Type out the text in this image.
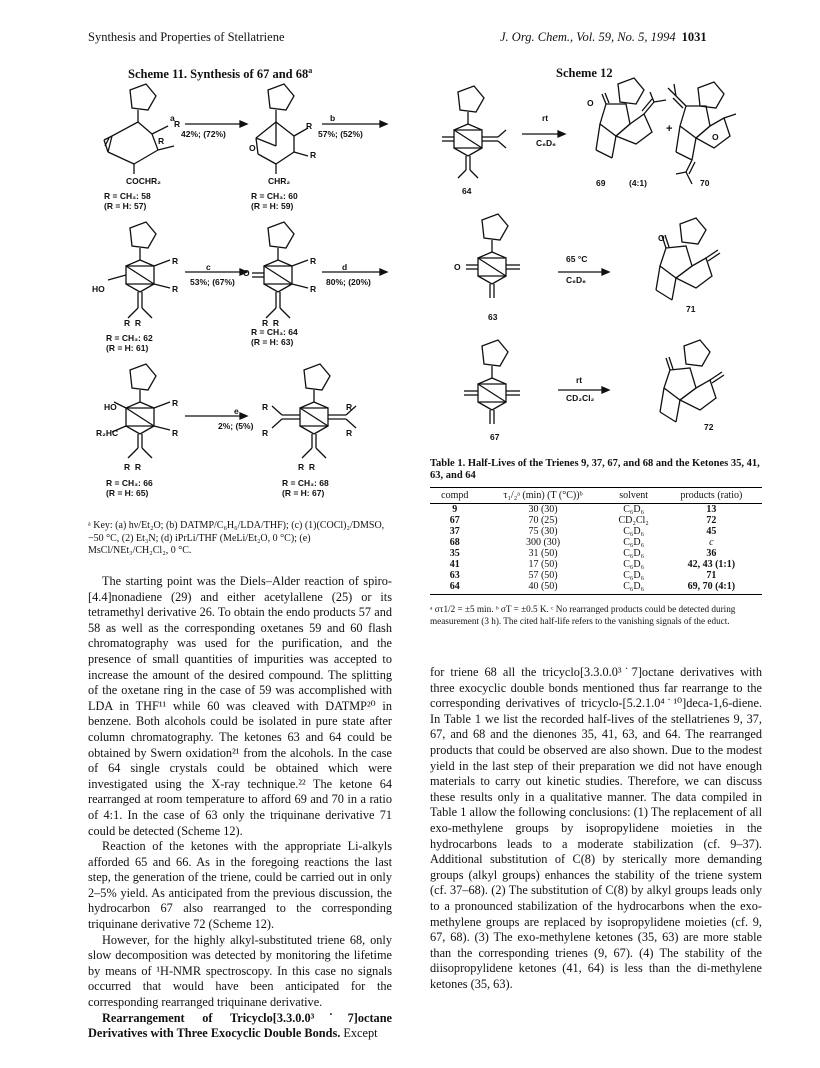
Synthesis and Properties of Stellatriene	J. Org. Chem., Vol. 59, No. 5, 1994 1031
Scheme 11. Synthesis of 67 and 68$^a$
a
42%; (72%)
b
57%; (52%)
R
R
R
R
O
COCHR₂	CHR₂
R = CH₃: 58
(R = H: 57)
R = CH₃: 60
(R = H: 59)
c
53%; (67%)
d
80%; (20%)
HO
O
R
R
R
R
R  R	R  R
R = CH₃: 62
(R = H: 61)
R = CH₃: 64
(R = H: 63)
e
2%; (5%)
HO
R₂HC
R
R
R
R
R
R
R  R	R  R
R = CH₃: 66
(R = H: 65)
R = CH₃: 68
(R = H: 67)
ᵃ Key: (a) hν/Et₂O; (b) DATMP/C₆H₆/LDA/THF); (c) (1)(COCl)₂/DMSO, −50 °C, (2) Et₃N; (d) iPrLi/THF (MeLi/Et₂O, 0 °C); (e) MsCl/NEt₃/CH₂Cl₂, 0 °C.
Scheme 12
rt
C₆D₆
O
O
+
64
69	(4:1)	70
65 °C
C₆D₆
O
O
63
71
rt
CD₂Cl₂
67
72
Table 1. Half-Lives of the Trienes 9, 37, 67, and 68 and the Ketones 35, 41, 63, and 64
compd	τ₁/₂ᵃ (min) (T (°C))ᵇ	solvent	products (ratio)
9	30 (30)	C₆D₆	13
67	70 (25)	CD₂Cl₂	72
37	75 (30)	C₆D₆	45
68	300 (30)	C₆D₆	c
35	31 (50)	C₆D₆	36
41	17 (50)	C₆D₆	42, 43 (1:1)
63	57 (50)	C₆D₆	71
64	40 (50)	C₆D₆	69, 70 (4:1)
ᵃ στ1/2 = ±5 min. ᵇ σT = ±0.5 K. ᶜ No rearranged products could be detected during measurement (3 h). The cited half-life refers to the vanishing signals of the educt.

The starting point was the Diels–Alder reaction of spiro-[4.4]nonadiene (29) and either acetylallene (25) or its tetramethyl derivative 26. To obtain the endo products 57 and 58 as well as the corresponding oxetanes 59 and 60 flash chromatography was used for the purification, and the presence of small quantities of impurities was accepted to increase the amount of the desired compound. The splitting of the oxetane ring in the case of 59 was accomplished with LDA in THF¹¹ while 60 was cleaved with DATMP²⁰ in benzene. Both alcohols could be isolated in pure state after column chromatography. The ketones 63 and 64 could be obtained by Swern oxidation²¹ from the alcohols. In the case of 64 single crystals could be obtained which were investigated using the X-ray technique.²² The ketone 64 rearranged at room temperature to afford 69 and 70 in a ratio of 4:1. In the case of 63 only the triquinane derivative 71 could be detected (Scheme 12).

Reaction of the ketones with the appropriate Li-alkyls afforded 65 and 66. As in the foregoing reactions the last step, the generation of the triene, could be carried out in only 2–5% yield. As anticipated from the previous discussion, the hydrocarbon 67 also rearranged to the corresponding triquinane derivative 72 (Scheme 12).

However, for the highly alkyl-substituted triene 68, only slow decomposition was detected by monitoring the lifetime by means of ¹H-NMR spectroscopy. In this case no signals occurred that would have been anticipated for the corresponding rearranged triquinane derivative.

Rearrangement of Tricyclo[3.3.0.0³˙7]octane Derivatives with Three Exocyclic Double Bonds. Except

for triene 68 all the tricyclo[3.3.0.0³˙7]octane derivatives with three exocyclic double bonds mentioned thus far rearrange to the corresponding derivatives of tricyclo-[5.2.1.0⁴˙¹⁰]deca-1,6-diene. In Table 1 we list the recorded half-lives of the stellatrienes 9, 37, 67, and 68 and the dienones 35, 41, 63, and 64. The rearranged products that could be observed are also shown. Due to the modest yield in the last step of their preparation we did not have enough materials to carry out kinetic studies. Therefore, we can discuss these results only in a qualitative manner. The data compiled in Table 1 allow the following conclusions: (1) The replacement of all exo-methylene groups by isopropylidene moieties in the hydrocarbons leads to a moderate stabilization (cf. 9–37). Additional substitution of C(8) by sterically more demanding groups (alkyl groups) enhances the stability of the triene system (cf. 37–68). (2) The substitution of C(8) by alkyl groups leads only to a pronounced stabilization of the hydrocarbons when the exo-methylene groups are replaced by isopropylidene moieties (cf. 9, 67, 68). (3) The exo-methylene ketones (35, 63) are more stable than the corresponding trienes (9, 67). (4) The stability of the diisopropylidene ketones (41, 64) is less than the di-methylene ketones (35, 63).
